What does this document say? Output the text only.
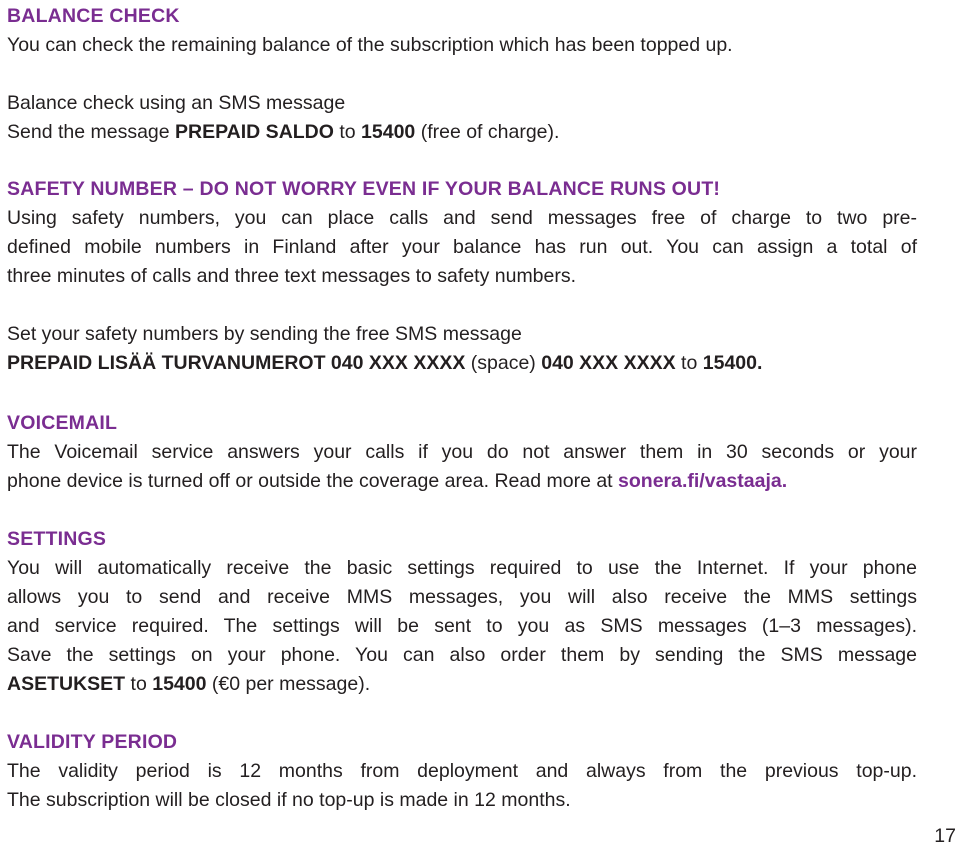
BALANCE CHECK

You can check the remaining balance of the subscription which has been topped up.

Balance check using an SMS message

Send the message PREPAID SALDO to 15400 (free of charge).

SAFETY NUMBER – DO NOT WORRY EVEN IF YOUR BALANCE RUNS OUT!

Using safety numbers, you can place calls and send messages free of charge to two pre-

defined mobile numbers in Finland after your balance has run out. You can assign a total of

three minutes of calls and three text messages to safety numbers.

Set your safety numbers by sending the free SMS message

PREPAID LISÄÄ TURVANUMEROT 040 XXX XXXX (space) 040 XXX XXXX to 15400.

VOICEMAIL

The Voicemail service answers your calls if you do not answer them in 30 seconds or your

phone device is turned off or outside the coverage area. Read more at sonera.fi/vastaaja.

SETTINGS

You will automatically receive the basic settings required to use the Internet. If your phone

allows you to send and receive MMS messages, you will also receive the MMS settings

and service required. The settings will be sent to you as SMS messages (1–3 messages).

Save the settings on your phone. You can also order them by sending the SMS message

ASETUKSET to 15400 (€0 per message).

VALIDITY PERIOD

The validity period is 12 months from deployment and always from the previous top-up.

The subscription will be closed if no top-up is made in 12 months.

17
